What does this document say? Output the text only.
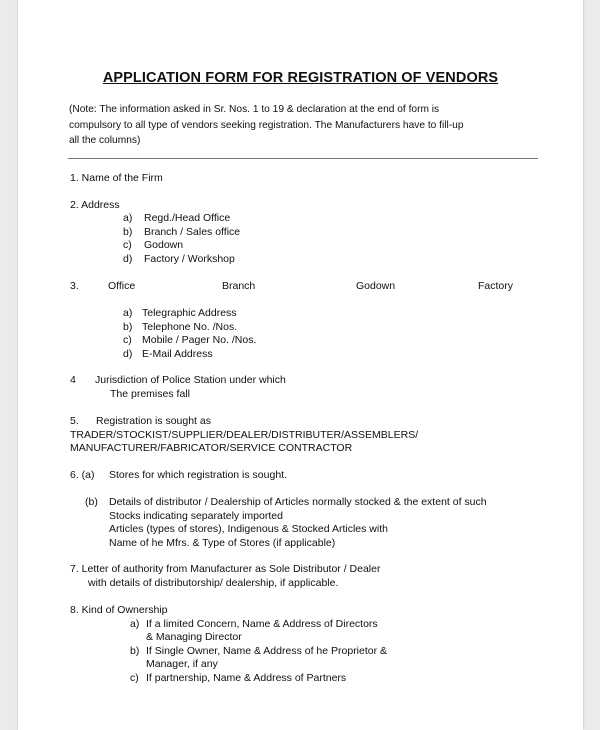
APPLICATION FORM FOR REGISTRATION OF VENDORS
(Note: The information asked in Sr. Nos. 1 to 19 & declaration at the end of form is
compulsory to all type of vendors seeking registration. The Manufacturers have to fill-up
all the columns)
1. Name of the Firm
2. Address
a) Regd./Head Office
b) Branch / Sales office
c) Godown
d) Factory / Workshop
3.	Office	Branch	Godown	Factory
a) Telegraphic Address
b) Telephone No. /Nos.
c) Mobile / Pager No. /Nos.
d) E-Mail Address
4 Jurisdiction of Police Station under which
The premises fall
5. Registration is sought as
TRADER/STOCKIST/SUPPLIER/DEALER/DISTRIBUTER/ASSEMBLERS/
MANUFACTURER/FABRICATOR/SERVICE CONTRACTOR
6. (a) Stores for which registration is sought.
(b) Details of distributor / Dealership of Articles normally stocked & the extent of such
Stocks indicating separately imported
Articles (types of stores), Indigenous & Stocked Articles with
Name of he Mfrs. & Type of Stores (if applicable)
7. Letter of authority from Manufacturer as Sole Distributor / Dealer
with details of distributorship/ dealership, if applicable.
8. Kind of Ownership
a) If a limited Concern, Name & Address of Directors
& Managing Director
b) If Single Owner, Name & Address of he Proprietor &
Manager, if any
c) If partnership, Name & Address of Partners
